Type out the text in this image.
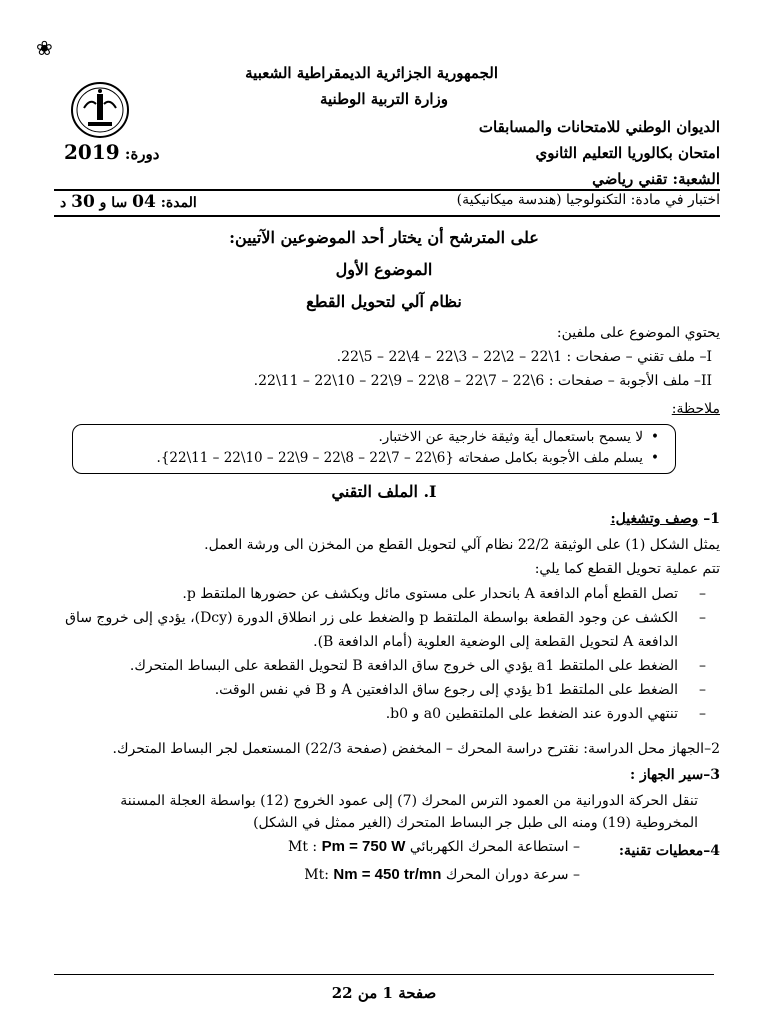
❀
الجمهورية الجزائرية الديمقراطية الشعبية
وزارة التربية الوطنية
الديوان الوطني للامتحانات والمسابقات
امتحان بكالوريا التعليم الثانوي
الشعبة: تقني رياضي
دورة: 2019
اختبار في مادة: التكنولوجيا (هندسة ميكانيكية)
المدة: 04 سا و 30 د
على المترشح أن يختار أحد الموضوعين الآتيين:
الموضوع الأول
نظام آلي لتحويل القطع
يحتوي الموضوع على ملفين:
I– ملف تقني – صفحات : 1\22 – 2\22 – 3\22 – 4\22 – 5\22.
II– ملف الأجوبة – صفحات : 6\22 – 7\22 – 8\22 – 9\22 – 10\22 – 11\22.
ملاحظة:
• لا يسمح باستعمال أية وثيقة خارجية عن الاختبار.
• يسلم ملف الأجوبة بكامل صفحاته {6\22 – 7\22 – 8\22 – 9\22 – 10\22 – 11\22}.
I. الملف التقني
1– وصف وتشغيل:
يمثل الشكل (1) على الوثيقة 22/2 نظام آلي لتحويل القطع من المخزن الى ورشة العمل.
تتم عملية تحويل القطع كما يلي:
– تصل القطع أمام الدافعة A بانحدار على مستوى مائل ويكشف عن حضورها الملتقط p.
– الكشف عن وجود القطعة بواسطة الملتقط p والضغط على زر انطلاق الدورة (Dcy)، يؤدي إلى خروج ساق الدافعة A لتحويل القطعة إلى الوضعية العلوية (أمام الدافعة B).
– الضغط على الملتقط a1 يؤدي الى خروج ساق الدافعة B لتحويل القطعة على البساط المتحرك.
– الضغط على الملتقط b1 يؤدي إلى رجوع ساق الدافعتين A و B في نفس الوقت.
– تنتهي الدورة عند الضغط على الملتقطين a0 و b0.
2–الجهاز محل الدراسة: نقترح دراسة المحرك – المخفض (صفحة 22/3) المستعمل لجر البساط المتحرك.
3–سير الجهاز :
تنقل الحركة الدورانية من العمود الترس المحرك (7) إلى عمود الخروج (12) بواسطة العجلة المسننة المخروطية (19) ومنه الى طبل جر البساط المتحرك (الغير ممثل في الشكل)
4–معطيات تقنية:
– استطاعة المحرك الكهربائي Mt : Pm = 750 W
– سرعة دوران المحرك Mt: Nm = 450 tr/mn
صفحة 1 من 22
